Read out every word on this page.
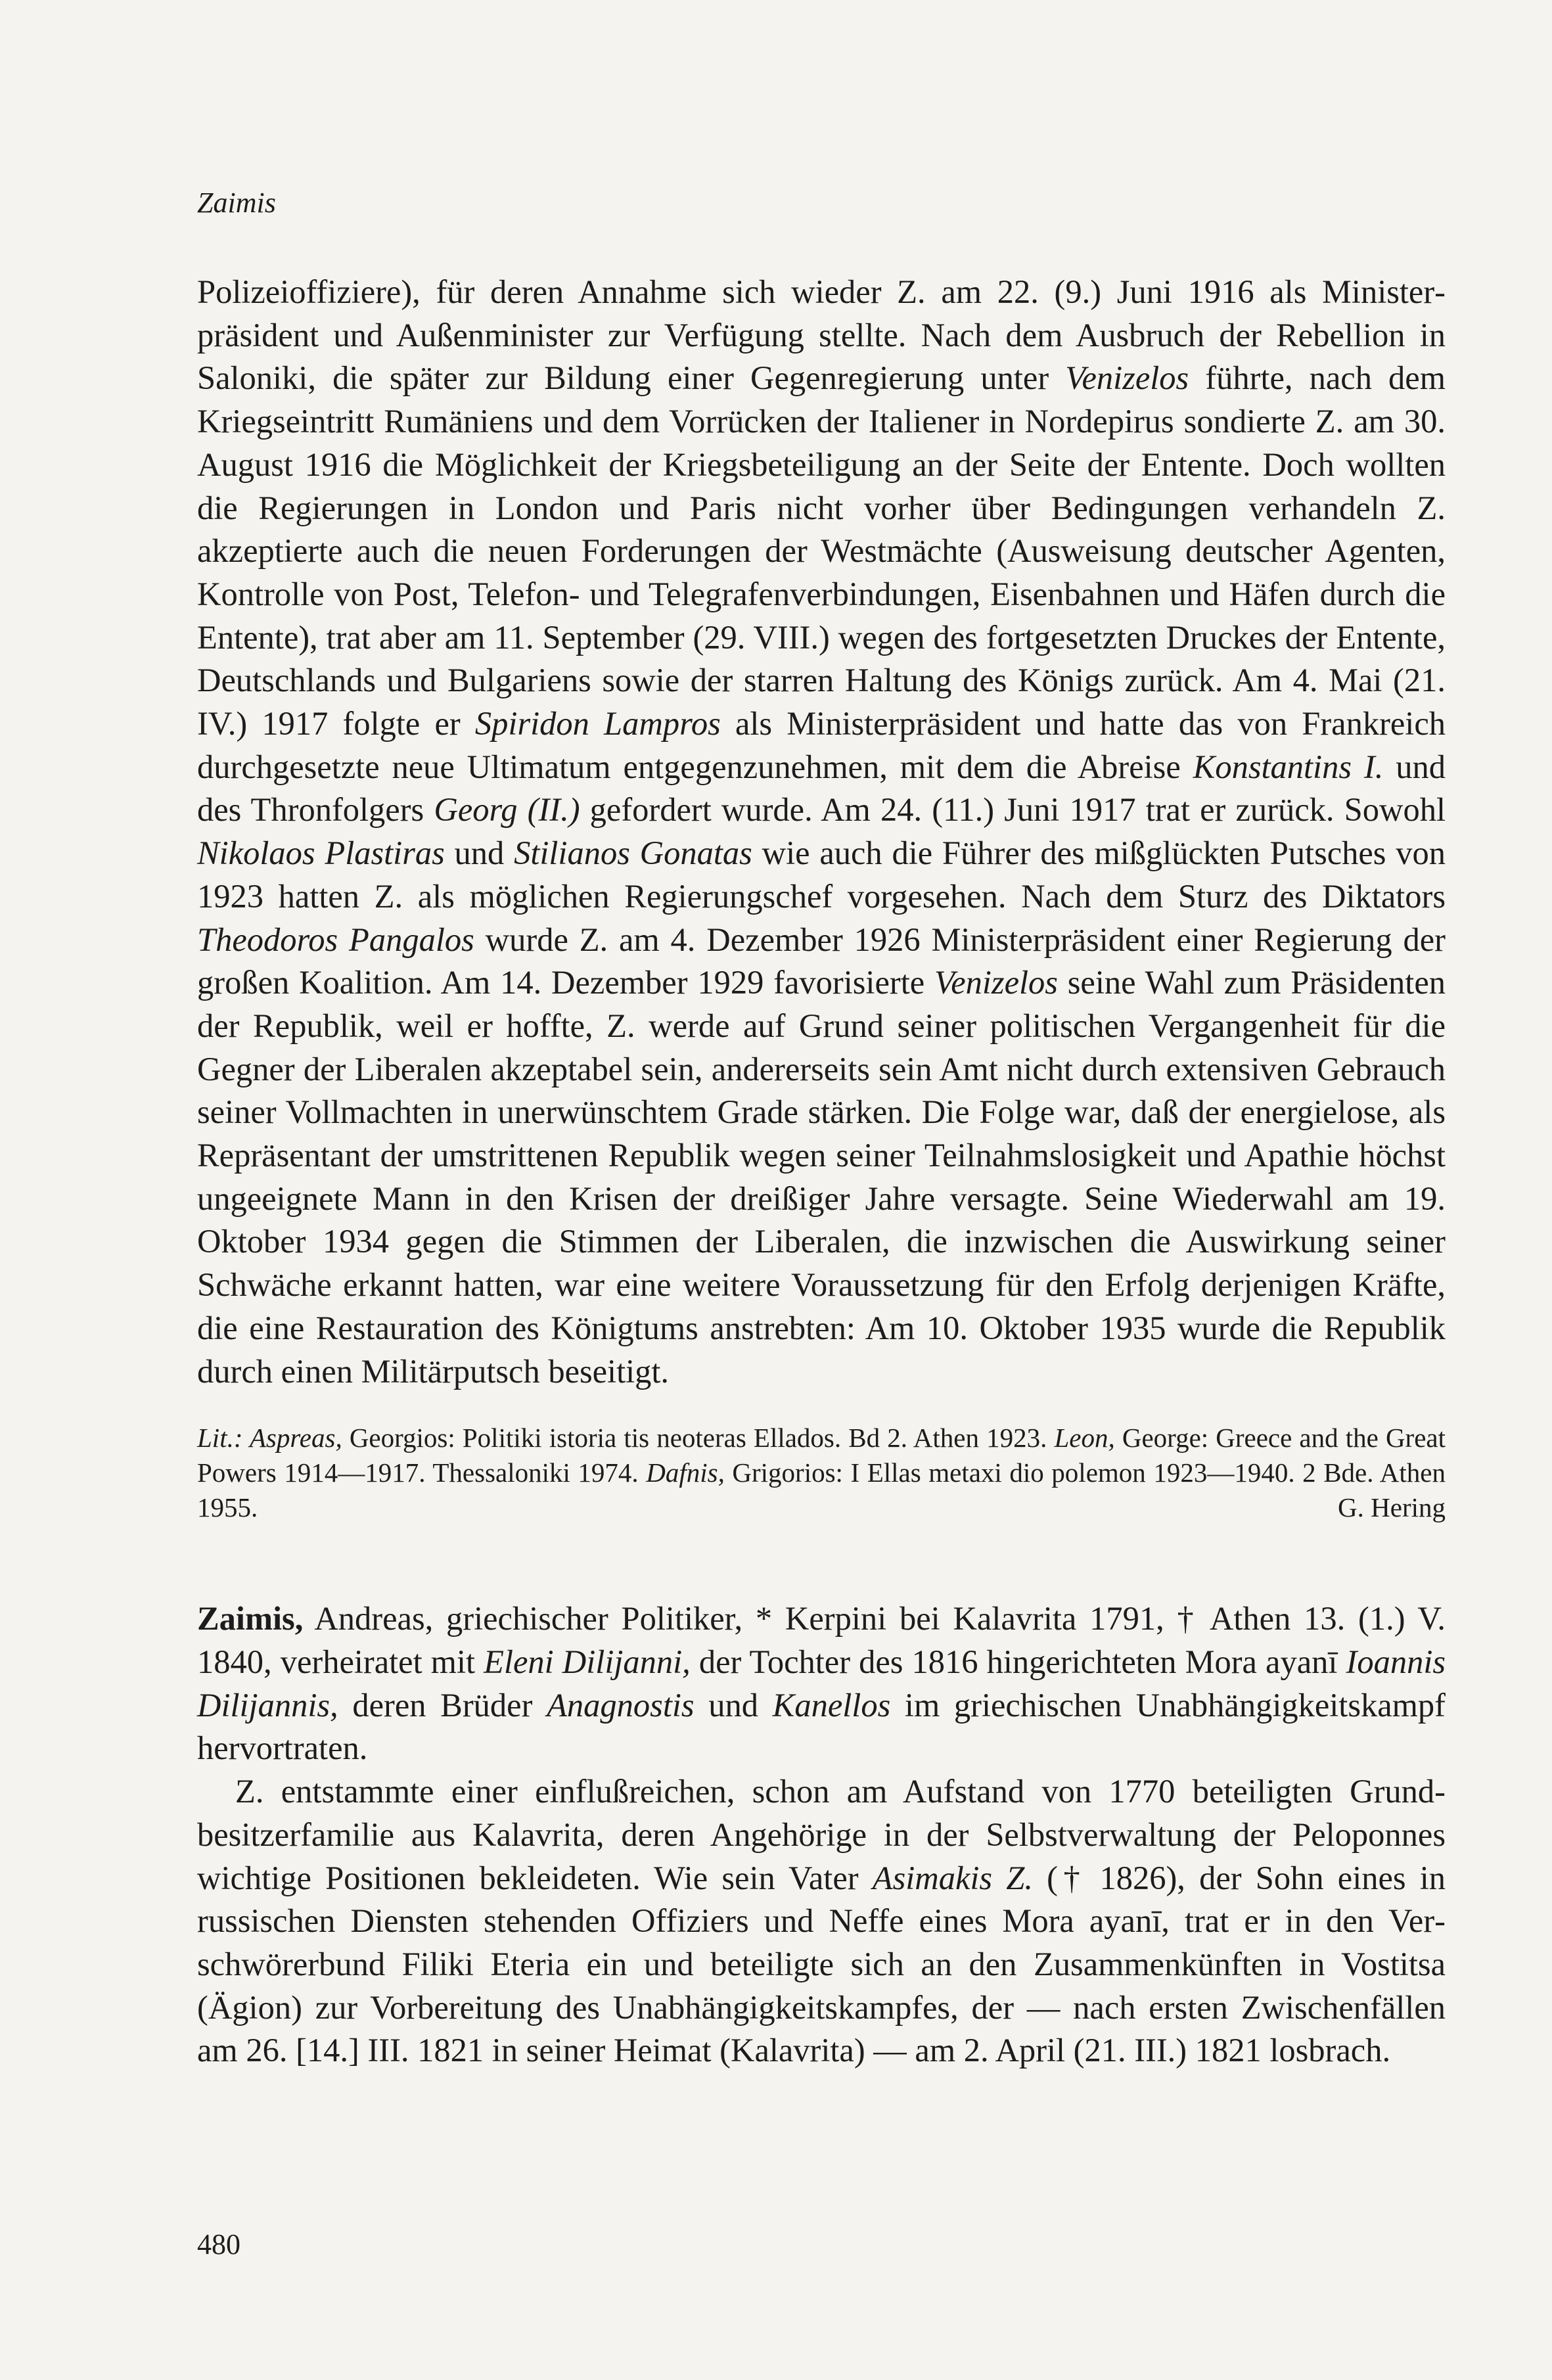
Zaimis

Polizeioffiziere), für deren Annahme sich wieder Z. am 22. (9.) Juni 1916 als Ministerpräsident und Außenminister zur Verfügung stellte. Nach dem Ausbruch der Rebellion in Saloniki, die später zur Bildung einer Gegenregierung unter Venizelos führte, nach dem Kriegseintritt Rumäniens und dem Vorrücken der Italiener in Nordepirus sondierte Z. am 30. August 1916 die Möglichkeit der Kriegsbeteiligung an der Seite der Entente. Doch wollten die Regierungen in London und Paris nicht vorher über Bedingungen verhandeln Z. akzeptierte auch die neuen Forderungen der Westmächte (Ausweisung deutscher Agenten, Kontrolle von Post, Telefon- und Telegrafenverbindungen, Eisenbahnen und Häfen durch die Entente), trat aber am 11. September (29. VIII.) wegen des fortgesetzten Druckes der Entente, Deutschlands und Bulgariens sowie der starren Haltung des Königs zurück. Am 4. Mai (21. IV.) 1917 folgte er Spiridon Lampros als Ministerpräsident und hatte das von Frankreich durchgesetzte neue Ultimatum entgegenzunehmen, mit dem die Abreise Konstantins I. und des Thronfolgers Georg (II.) gefordert wurde. Am 24. (11.) Juni 1917 trat er zurück. Sowohl Nikolaos Plastiras und Stilianos Gonatas wie auch die Führer des mißglückten Putsches von 1923 hatten Z. als möglichen Regierungschef vorgesehen. Nach dem Sturz des Diktators Theodoros Pangalos wurde Z. am 4. Dezember 1926 Ministerpräsident einer Regierung der großen Koalition. Am 14. Dezember 1929 favorisierte Venizelos seine Wahl zum Präsidenten der Republik, weil er hoffte, Z. werde auf Grund seiner politischen Vergangenheit für die Gegner der Liberalen akzeptabel sein, andererseits sein Amt nicht durch extensiven Gebrauch seiner Vollmachten in unerwünschtem Grade stärken. Die Folge war, daß der energielose, als Repräsentant der umstrittenen Republik wegen seiner Teilnahmslosigkeit und Apathie höchst ungeeignete Mann in den Krisen der dreißiger Jahre versagte. Seine Wiederwahl am 19. Oktober 1934 gegen die Stimmen der Liberalen, die inzwischen die Auswirkung seiner Schwäche erkannt hatten, war eine weitere Voraussetzung für den Erfolg derjenigen Kräfte, die eine Restauration des Königtums anstrebten: Am 10. Oktober 1935 wurde die Republik durch einen Militärputsch beseitigt.

Lit.: Aspreas, Georgios: Politiki istoria tis neoteras Ellados. Bd 2. Athen 1923. Leon, George: Greece and the Great Powers 1914—1917. Thessaloniki 1974. Dafnis, Grigorios: I Ellas metaxi dio polemon 1923—1940. 2 Bde. Athen 1955.	G. Hering

Zaimis, Andreas, griechischer Politiker, * Kerpini bei Kalavrita 1791, † Athen 13. (1.) V. 1840, verheiratet mit Eleni Dilijanni, der Tochter des 1816 hingerichteten Mora ayanī Ioannis Dilijannis, deren Brüder Anagnostis und Kanellos im griechischen Unabhängigkeitskampf hervortraten.

Z. entstammte einer einflußreichen, schon am Aufstand von 1770 beteiligten Grundbesitzerfamilie aus Kalavrita, deren Angehörige in der Selbstverwaltung der Peloponnes wichtige Positionen bekleideten. Wie sein Vater Asimakis Z. († 1826), der Sohn eines in russischen Diensten stehenden Offiziers und Neffe eines Mora ayanī, trat er in den Verschwörerbund Filiki Eteria ein und beteiligte sich an den Zusammenkünften in Vostitsa (Ägion) zur Vorbereitung des Unabhängigkeitskampfes, der — nach ersten Zwischenfällen am 26. [14.] III. 1821 in seiner Heimat (Kalavrita) — am 2. April (21. III.) 1821 losbrach.

480
